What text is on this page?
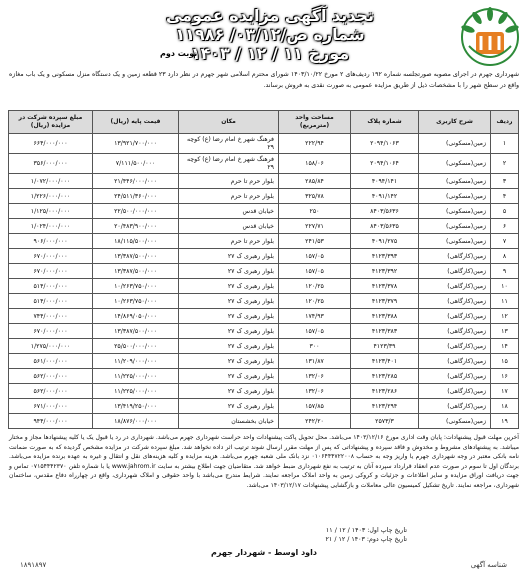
تجدید آگهی مزایده عمومی
شماره ص/۰۳/۱۲/ ۱۱۹۸۶
مورخ ۱۱ / ۱۲ / ۱۴۰۳
نوبت دوم
شهرداری جهرم در اجرای مصوبه صورتجلسه شماره ۱۹۲ ردیف‌های ۲ مورخ ۱۴۰۳/۱۰/۲۲ شورای محترم اسلامی شهر جهرم در نظر دارد ۲۳ قطعه زمین و یک دستگاه منزل مسکونی و یک باب مغازه واقع در سطح شهر را با مشخصات ذیل از طریق مزایده عمومی به صورت نقدی به فروش برساند.
ردیف	شرح کاربری	شماره پلاک	مساحت واحد (مترمربع)	مکان	قیمت پایه (ریال)	مبلغ سپرده شرکت در مزایده (ریال)
۱	زمین(مسکونی)	۲۰۹۴/۱۰۶۳	۲۲۲/۹۴	فرهنگ شهر خ امام رضا (ع) کوچه ۲۹	۱۳/۹۲۱/۷۰۰/۰۰۰	۶۶۴/۰۰۰/۰۰۰
۲	زمین(مسکونی)	۲۰۹۴/۱۰۶۴	۱۵۸/۰۶	فرهنگ شهر خ امام رضا (ع) کوچه ۲۹	۷/۱۱۱/۵۰۰/۰۰۰	۳۵۶/۰۰۰/۰۰۰
۳	زمین(مسکونی)	۴۰۹۴/۱۴۱	۲۸۵/۸۴	بلوار حرم تا حرم	۲۱/۴۴۶/۰۰۰/۰۰۰	۱/۰۷۲/۰۰۰/۰۰۰
۴	زمین(مسکونی)	۴۰۹۱/۱۴۲	۳۲۵/۷۸	بلوار حرم تا حرم	۲۴/۵۱۱/۳۶۰/۰۰۰	۱/۲۲۶/۰۰۰/۰۰۰
۵	زمین(مسکونی)	۸۴۰۳/۵۶۳۶	۲۵۰	خیابان قدس	۲۲/۵۰۰/۰۰۰/۰۰۰	۱/۱۲۵/۰۰۰/۰۰۰
۶	زمین(مسکونی)	۸۴۰۳/۵۶۳۵	۲۲۷/۷۱	خیابان قدس	۲۰/۴۸۳/۹۰۰/۰۰۰	۱/۰۲۴/۰۰۰/۰۰۰
۷	زمین(مسکونی)	۴۰۹۱/۲۷۵	۲۴۱/۵۳	بلوار حرم تا حرم	۱۸/۱۱۵/۵۰۰/۰۰۰	۹۰۶/۰۰۰/۰۰۰
۸	زمین(کارگاهی)	۴۱۲۳/۳۹۳	۱۵۷/۰۵	بلوار رهبری ک ۲۷	۱۳/۳۸۷/۵۰۰/۰۰۰	۶۷۰/۰۰۰/۰۰۰
۹	زمین(کارگاهی)	۴۱۲۳/۳۹۲	۱۵۷/۰۵	بلوار رهبری ک ۲۷	۱۳/۳۸۷/۵۰۰/۰۰۰	۶۷۰/۰۰۰/۰۰۰
۱۰	زمین(کارگاهی)	۴۱۲۳/۳۷۸	۱۲۰/۲۵	بلوار رهبری ک ۲۷	۱۰/۲۶۳/۷۵۰/۰۰۰	۵۱۴/۰۰۰/۰۰۰
۱۱	زمین(کارگاهی)	۴۱۲۳/۳۷۹	۱۲۰/۲۵	بلوار رهبری ک ۲۷	۱۰/۲۶۳/۷۵۰/۰۰۰	۵۱۴/۰۰۰/۰۰۰
۱۲	زمین(کارگاهی)	۴۱۲۳/۳۸۸	۱۷۴/۹۳	بلوار رهبری ک ۲۷	۱۴/۸۶۹/۰۵۰/۰۰۰	۷۴۴/۰۰۰/۰۰۰
۱۳	زمین(کارگاهی)	۴۱۲۳/۳۸۳	۱۵۷/۰۵	بلوار رهبری ک ۲۷	۱۳/۳۸۷/۵۰۰/۰۰۰	۶۷۰/۰۰۰/۰۰۰
۱۴	زمین(کارگاهی)	۴۱۲۳/۳۹	۳۰۰	بلوار رهبری ک ۲۷	۲۵/۵۰۰/۰۰۰/۰۰۰	۱/۲۷۵/۰۰۰/۰۰۰
۱۵	زمین(کارگاهی)	۴۱۲۳/۴۰۱	۱۳۱/۸۷	بلوار رهبری ک ۲۷	۱۱/۲۰۹/۰۰۰/۰۰۰	۵۶۱/۰۰۰/۰۰۰
۱۶	زمین(کارگاهی)	۴۱۲۳/۲۸۵	۱۳۲/۰۶	بلوار رهبری ک ۲۷	۱۱/۲۲۵/۰۰۰/۰۰۰	۵۶۲/۰۰۰/۰۰۰
۱۷	زمین(کارگاهی)	۴۱۲۳/۲۸۶	۱۳۲/۰۶	بلوار رهبری ک ۲۷	۱۱/۲۲۵/۰۰۰/۰۰۰	۵۶۲/۰۰۰/۰۰۰
۱۸	زمین(کارگاهی)	۴۱۲۳/۲۹۴	۱۵۷/۸۵	بلوار رهبری ک ۲۷	۱۳/۴۱۹/۲۵۰/۰۰۰	۶۷۱/۰۰۰/۰۰۰
۱۹	زمین(مسکونی)	۲۵۷۳/۳	۲۴۲/۲۰	خیابان بخشستان	۱۸/۸۷۶/۰۰۰/۰۰۰	۹۴۴/۰۰۰/۰۰۰
آخرین مهلت قبول پیشنهادات: پایان وقت اداری مورخ ۱۴۰۳/۱۲/۱۶ می‌باشد. محل تحویل پاکت پیشنهادات واحد حراست شهرداری جهرم می‌باشد. شهرداری در رد یا قبول یک یا کلیه پیشنهادها مجاز و مختار میباشد. به پیشنهادهای مشروط و مخدوش و فاقد سپرده و پیشنهاداتی که پس از مهلت مقرر ارسال شوند ترتیب اثر داده نخواهد شد. مبلغ سپرده شرکت در مزایده مشخص گردیده که به صورت ضمانت نامه بانکی معتبر در وجه شهرداری جهرم یا واریز وجه به حساب ۰۱۰۶۴۴۴۷۲۲۰۰۸ نزد بانک ملی شعبه جهرم می‌باشد. هزینه مزایده و کلیه هزینه‌های نقل و انتقال و غیره به عهده برنده مزایده می‌باشد. برندگان اول تا سوم در صورت عدم انعقاد قرارداد سپرده آنان به ترتیب به نفع شهرداری ضبط خواهد شد. متقاضیان جهت اطلاع بیشتر به سایت www.jahrom.ir یا با شماره تلفن ۰۷۱۵۴۴۴۲۳۷۰ تماس و جهت دریافت اوراق مزایده و سایر اطلاعات و جزئیات و کروکی زمین به واحد املاک مراجعه نمایند. شرایط مندرج می‌باشد با واحد حقوقی و املاک شهرداری، واقع در چهارراه دفاع مقدس، ساختمان شهرداری، مراجعه نمایند. تاریخ تشکیل کمیسیون عالی معاملات و بازگشایی پیشنهادات ۱۴۰۳/۱۲/۱۷ می‌باشد.
تاریخ چاپ اول: ۱۴۰۳ / ۱۲ / ۱۱
تاریخ چاپ دوم: ۱۴۰۳ / ۱۲ / ۲۱
داود اوسط - شهردار جهرم
۱۸۹۱۸۹۷	شناسه آگهی
